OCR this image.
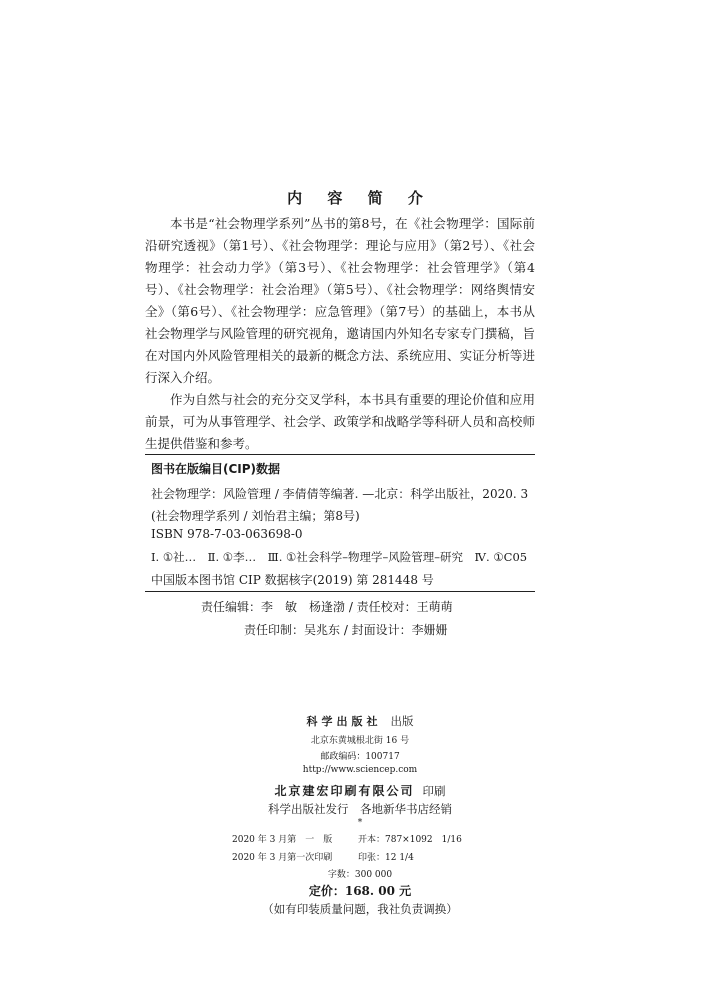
内 容 简 介

本书是“社会物理学系列”丛书的第8号，在《社会物理学：国际前沿研究透视》（第1号）、《社会物理学：理论与应用》（第2号）、《社会物理学：社会动力学》（第3号）、《社会物理学：社会管理学》（第4号）、《社会物理学：社会治理》（第5号）、《社会物理学：网络舆情安全》（第6号）、《社会物理学：应急管理》（第7号）的基础上，本书从社会物理学与风险管理的研究视角，邀请国内外知名专家专门撰稿，旨在对国内外风险管理相关的最新的概念方法、系统应用、实证分析等进行深入介绍。

作为自然与社会的充分交叉学科，本书具有重要的理论价值和应用前景，可为从事管理学、社会学、政策学和战略学等科研人员和高校师生提供借鉴和参考。

图书在版编目(CIP)数据
社会物理学：风险管理 / 李倩倩等编著. —北京：科学出版社，2020. 3
(社会物理学系列 / 刘怡君主编；第8号)
ISBN 978-7-03-063698-0
Ⅰ. ①社…　Ⅱ. ①李…　Ⅲ. ①社会科学–物理学–风险管理–研究　Ⅳ. ①C05
中国版本图书馆 CIP 数据核字(2019) 第 281448 号
责任编辑：李　敏　杨逢渤 / 责任校对：王萌萌
责任印制：吴兆东 / 封面设计：李姗姗
科学出版社 出版
北京东黄城根北街 16 号
邮政编码：100717
http://www.sciencep.com
北京建宏印刷有限公司 印刷
科学出版社发行　各地新华书店经销
*
2020 年 3 月第　一　版	开本：787×1092　1/16
2020 年 3 月第一次印刷	印张：12 1/4
字数：300 000
定价：168. 00 元
（如有印装质量问题，我社负责调换）
